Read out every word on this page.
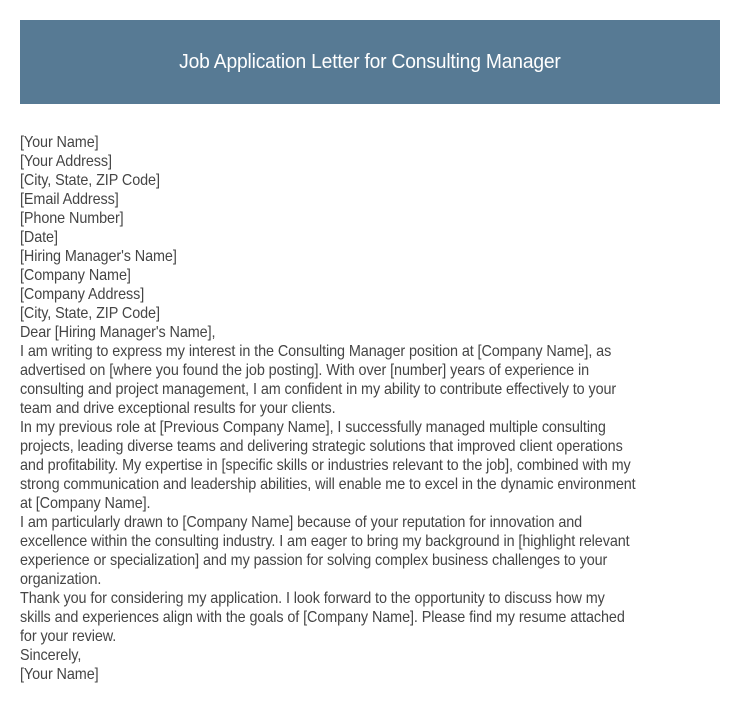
Job Application Letter for Consulting Manager
[Your Name]
[Your Address]
[City, State, ZIP Code]
[Email Address]
[Phone Number]
[Date]
[Hiring Manager's Name]
[Company Name]
[Company Address]
[City, State, ZIP Code]
Dear [Hiring Manager's Name],
I am writing to express my interest in the Consulting Manager position at [Company Name], as
advertised on [where you found the job posting]. With over [number] years of experience in
consulting and project management, I am confident in my ability to contribute effectively to your
team and drive exceptional results for your clients.
In my previous role at [Previous Company Name], I successfully managed multiple consulting
projects, leading diverse teams and delivering strategic solutions that improved client operations
and profitability. My expertise in [specific skills or industries relevant to the job], combined with my
strong communication and leadership abilities, will enable me to excel in the dynamic environment
at [Company Name].
I am particularly drawn to [Company Name] because of your reputation for innovation and
excellence within the consulting industry. I am eager to bring my background in [highlight relevant
experience or specialization] and my passion for solving complex business challenges to your
organization.
Thank you for considering my application. I look forward to the opportunity to discuss how my
skills and experiences align with the goals of [Company Name]. Please find my resume attached
for your review.
Sincerely,
[Your Name]
